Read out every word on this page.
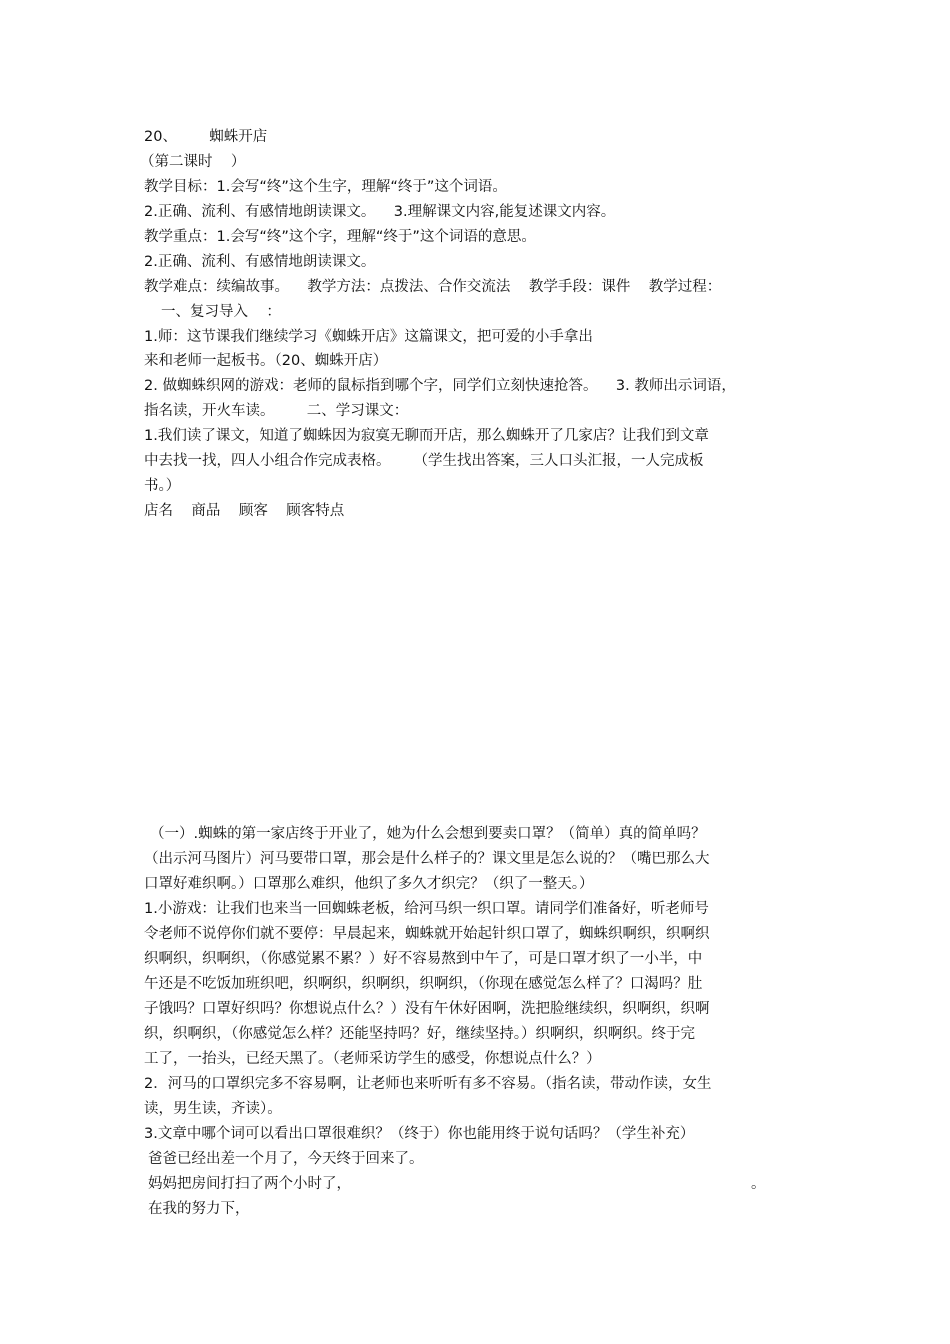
20、       蜘蛛开店

（第二课时    ）

教学目标：1.会写“终”这个生字，理解“终于”这个词语。

2.正确、流利、有感情地朗读课文。    3.理解课文内容,能复述课文内容。

教学重点：1.会写“终”这个字，理解“终于”这个词语的意思。

2.正确、流利、有感情地朗读课文。

教学难点：续编故事。    教学方法：点拨法、合作交流法    教学手段：课件    教学过程：

一、复习导入    ：

1.师：这节课我们继续学习《蜘蛛开店》这篇课文，把可爱的小手拿出

来和老师一起板书。（20、蜘蛛开店）

2. 做蜘蛛织网的游戏：老师的鼠标指到哪个字，同学们立刻快速抢答。    3. 教师出示词语，

指名读，开火车读。       二、学习课文：

1.我们读了课文，知道了蜘蛛因为寂寞无聊而开店，那么蜘蛛开了几家店？让我们到文章

中去找一找，四人小组合作完成表格。     （学生找出答案，三人口头汇报，一人完成板

书。）

店名    商品    顾客    顾客特点

（一）.蜘蛛的第一家店终于开业了，她为什么会想到要卖口罩？（简单）真的简单吗？

（出示河马图片）河马要带口罩，那会是什么样子的？课文里是怎么说的？（嘴巴那么大

口罩好难织啊。）口罩那么难织，他织了多久才织完？（织了一整天。）

1.小游戏：让我们也来当一回蜘蛛老板，给河马织一织口罩。请同学们准备好，听老师号

令老师不说停你们就不要停：早晨起来，蜘蛛就开始起针织口罩了，蜘蛛织啊织，织啊织

织啊织，织啊织，（你感觉累不累？）好不容易熬到中午了，可是口罩才织了一小半，中

午还是不吃饭加班织吧，织啊织，织啊织，织啊织，（你现在感觉怎么样了？口渴吗？肚

子饿吗？口罩好织吗？你想说点什么？）没有午休好困啊，洗把脸继续织，织啊织，织啊

织，织啊织，（你感觉怎么样？还能坚持吗？好，继续坚持。）织啊织，织啊织。终于完

工了，一抬头，已经天黑了。（老师采访学生的感受，你想说点什么？）

2．河马的口罩织完多不容易啊，让老师也来听听有多不容易。（指名读，带动作读，女生

读，男生读，齐读）。

3.文章中哪个词可以看出口罩很难织？（终于）你也能用终于说句话吗？（学生补充）

爸爸已经出差一个月了，今天终于回来了。

妈妈把房间打扫了两个小时了，	。

在我的努力下，
